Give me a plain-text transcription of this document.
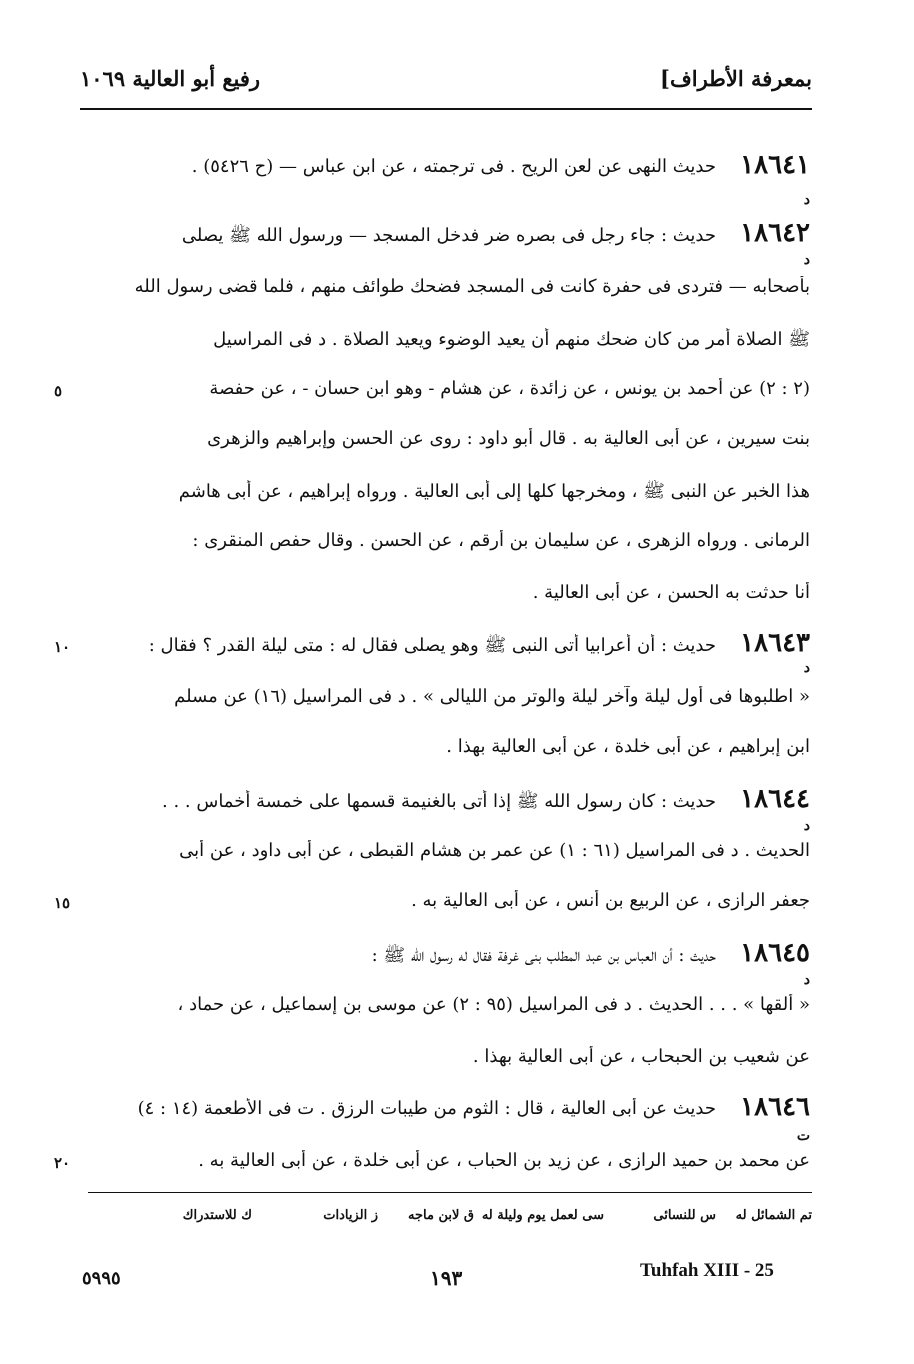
بمعرفة الأطراف]
رفيع أبو العالية ١٠٦٩
١٨٦٤١
د
حديث النهى عن لعن الريح . فى ترجمته ، عن ابن عباس — (ح ٥٤٢٦) .
١٨٦٤٢
د
حديث : جاء رجل فى بصره ضر فدخل المسجد — ورسول الله ﷺ يصلى
بأصحابه — فتردى فى حفرة كانت فى المسجد فضحك طوائف منهم ، فلما قضى رسول الله
ﷺ الصلاة أمر من كان ضحك منهم أن يعيد الوضوء ويعيد الصلاة . د فى المراسيل
(٢ : ٢) عن أحمد بن يونس ، عن زائدة ، عن هشام - وهو ابن حسان - ، عن حفصة
بنت سيرين ، عن أبى العالية به . قال أبو داود : روى عن الحسن وإبراهيم والزهرى
هذا الخبر عن النبى ﷺ ، ومخرجها كلها إلى أبى العالية . ورواه إبراهيم ، عن أبى هاشم
الرمانى . ورواه الزهرى ، عن سليمان بن أرقم ، عن الحسن . وقال حفص المنقرى :
أنا حدثت به الحسن ، عن أبى العالية .
١٨٦٤٣
د
حديث : أن أعرابيا أتى النبى ﷺ وهو يصلى فقال له : متى ليلة القدر ؟ فقال :
« اطلبوها فى أول ليلة وآخر ليلة والوتر من الليالى » . د فى المراسيل (١٦) عن مسلم
ابن إبراهيم ، عن أبى خلدة ، عن أبى العالية بهذا .
١٨٦٤٤
د
حديث : كان رسول الله ﷺ إذا أتى بالغنيمة قسمها على خمسة أخماس . . .
الحديث . د فى المراسيل (٦١ : ١) عن عمر بن هشام القبطى ، عن أبى داود ، عن أبى
جعفر الرازى ، عن الربيع بن أنس ، عن أبى العالية به .
١٨٦٤٥
د
حديث : أن العباس بن عبد المطلب بنى غرفة فقال له رسول الله ﷺ :
« ألقها » . . . الحديث . د فى المراسيل (٩٥ : ٢) عن موسى بن إسماعيل ، عن حماد ،
عن شعيب بن الحبحاب ، عن أبى العالية بهذا .
١٨٦٤٦
ت
حديث عن أبى العالية ، قال : الثوم من طيبات الرزق . ت فى الأطعمة (١٤ : ٤)
عن محمد بن حميد الرازى ، عن زيد بن الحباب ، عن أبى خلدة ، عن أبى العالية به .
٥
١٠
١٥
٢٠
تم الشمائل له
س للنسائى
سى لعمل يوم وليلة له
ق لابن ماجه
ز الزيادات
ك للاستدراك
٥٩٩٥	١٩٣	Tuhfah XIII - 25
